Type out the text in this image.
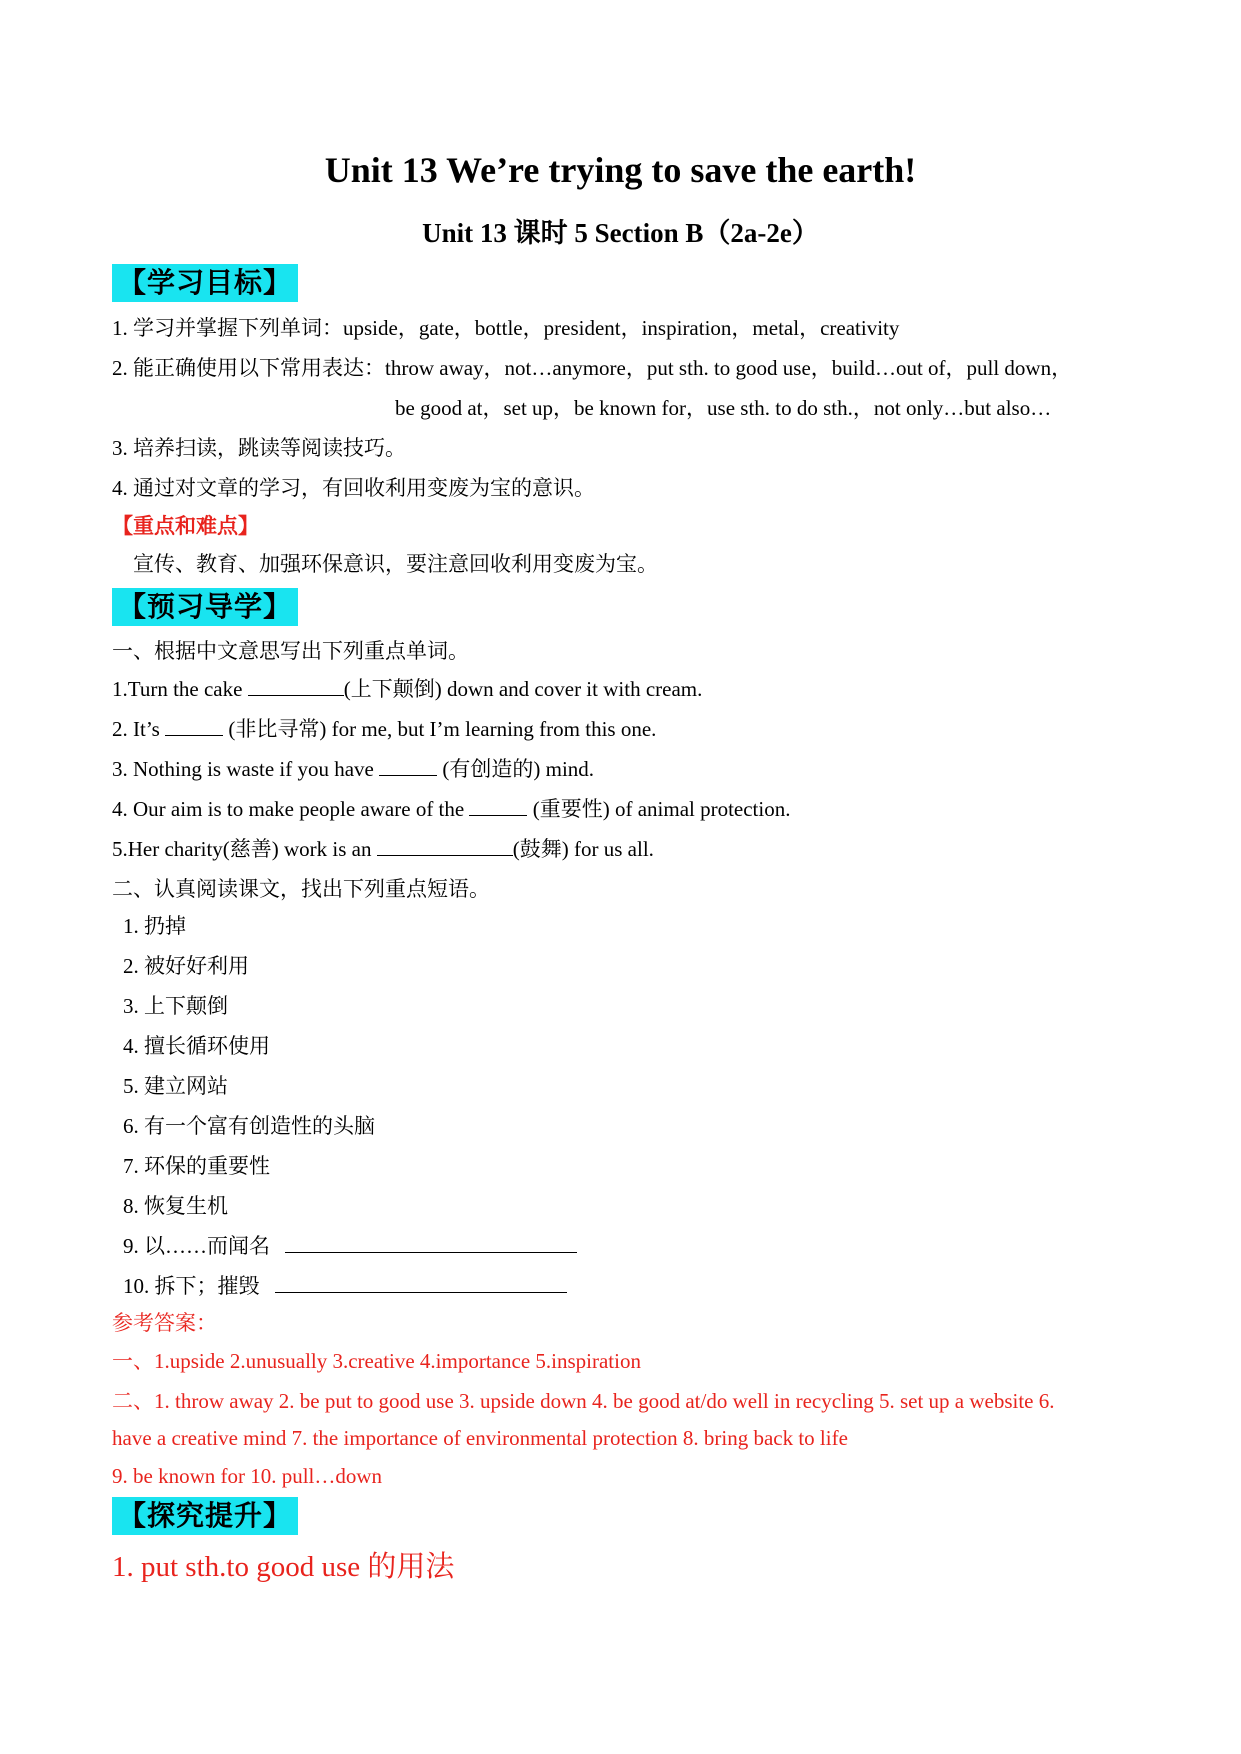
Unit 13 We’re trying to save the earth!
Unit 13 课时 5 Section B（2a-2e）
【学习目标】
1. 学习并掌握下列单词：upside，gate，bottle，president，inspiration，metal，creativity
2. 能正确使用以下常用表达：throw away，not…anymore，put sth. to good use，build…out of，pull down，
be good at，set up，be known for，use sth. to do sth.，not only…but also…
3. 培养扫读，跳读等阅读技巧。
4. 通过对文章的学习，有回收利用变废为宝的意识。
【重点和难点】
宣传、教育、加强环保意识，要注意回收利用变废为宝。
【预习导学】
一、根据中文意思写出下列重点单词。
1.Turn the cake	(上下颠倒) down and cover it with cream.
2. It’s	(非比寻常) for me, but I’m learning from this one.
3. Nothing is waste if you have	(有创造的) mind.
4. Our aim is to make people aware of the	(重要性) of animal protection.
5.Her charity(慈善) work is an	(鼓舞) for us all.
二、认真阅读课文，找出下列重点短语。
1. 扔掉
2. 被好好利用
3. 上下颠倒
4. 擅长循环使用
5. 建立网站
6. 有一个富有创造性的头脑
7. 环保的重要性
8. 恢复生机
9. 以……而闻名
10. 拆下；摧毁
参考答案：
一、1.upside 2.unusually 3.creative 4.importance 5.inspiration
二、1. throw away 2. be put to good use 3. upside down 4. be good at/do well in recycling 5. set up a website 6.
have a creative mind 7. the importance of environmental protection 8. bring back to life
9. be known for 10. pull…down
【探究提升】
1. put sth.to good use 的用法
